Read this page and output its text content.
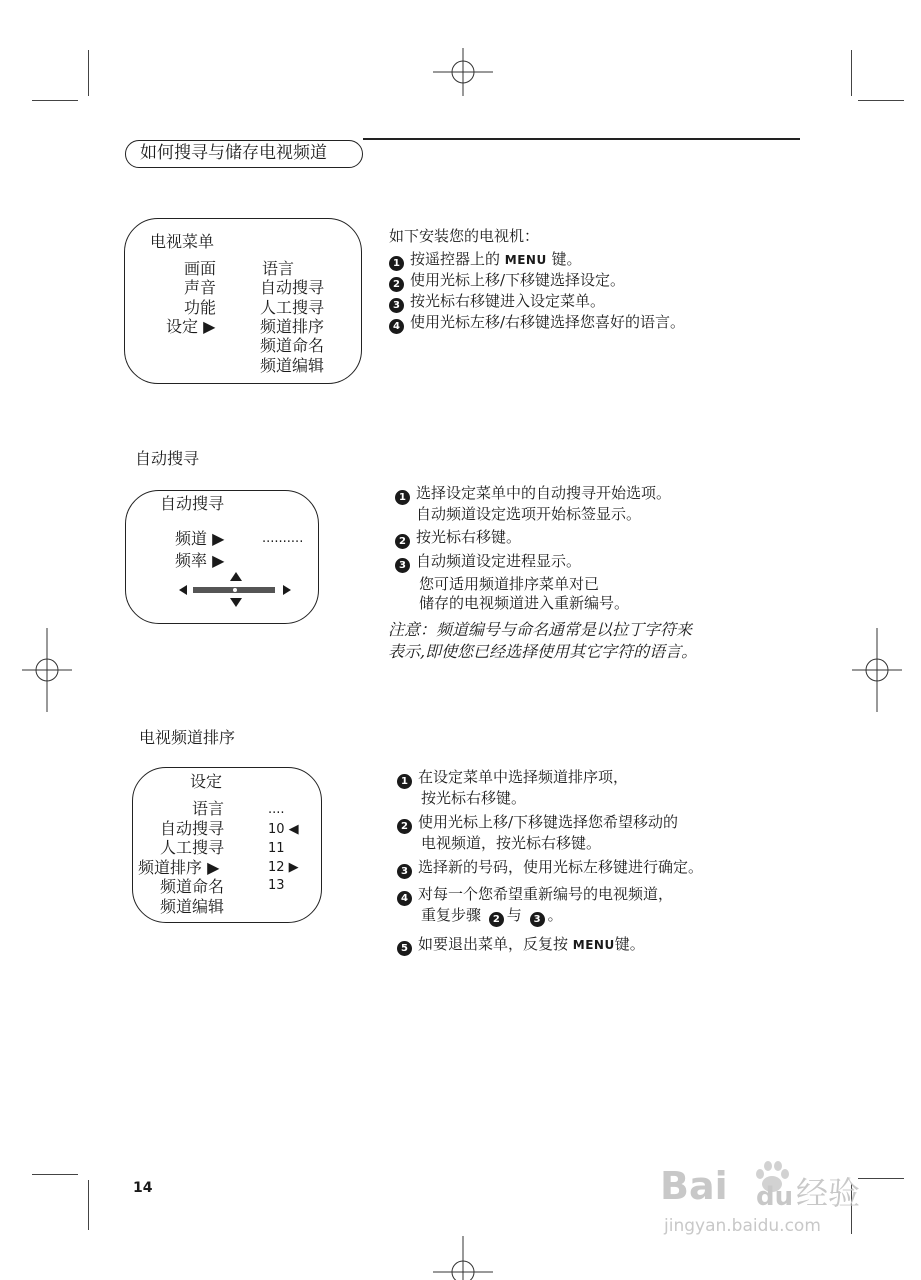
如何搜寻与储存电视频道
电视菜单
画面
声音
功能
设定 ▶
语言
自动搜寻
人工搜寻
频道排序
频道命名
频道编辑
如下安装您的电视机：
1 按遥控器上的 MENU 键。
2 使用光标上移/下移键选择设定。
3 按光标右移键进入设定菜单。
4 使用光标左移/右移键选择您喜好的语言。
自动搜寻
自动搜寻
频道 ▶	..........
频率 ▶
1 选择设定菜单中的自动搜寻开始选项。
自动频道设定选项开始标签显示。
2 按光标右移键。
3 自动频道设定进程显示。
您可适用频道排序菜单对已
储存的电视频道进入重新编号。
注意：频道编号与命名通常是以拉丁字符来
表示,即使您已经选择使用其它字符的语言。
电视频道排序
设定
语言
自动搜寻
人工搜寻
频道排序 ▶
频道命名
频道编辑
....
10 ◀
11
12 ▶
13
1 在设定菜单中选择频道排序项，
按光标右移键。
2 使用光标上移/下移键选择您希望移动的
电视频道，按光标右移键。
3 选择新的号码，使用光标左移键进行确定。
4 对每一个您希望重新编号的电视频道，
重复步骤 2 与 3 。
5 如要退出菜单，反复按 MENU键。
14	Bai du 经验
jingyan.baidu.com
